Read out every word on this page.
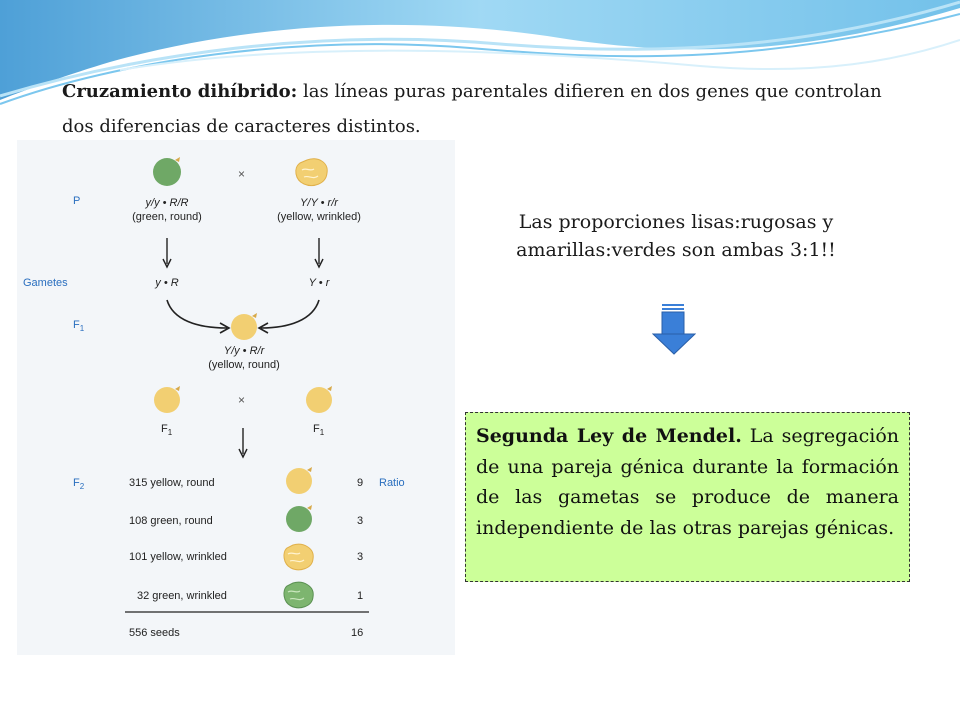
Cruzamiento dihíbrido: las líneas puras parentales difieren en dos genes que controlan dos diferencias de caracteres distintos.

P
Gametes
$F_1$
$F_2$	Ratio
×
y/y • R/R
(green, round)
Y/Y • r/r
(yellow, wrinkled)
y • R	Y • r
Y/y • R/r
(yellow, round)
×
$F_1$	$F_1$
315 yellow, round	9
108 green, round	3
101 yellow, wrinkled	3
32 green, wrinkled	1
556 seeds	16

Las proporciones lisas:rugosas y amarillas:verdes son ambas 3:1!!

Segunda Ley de Mendel. La segregación de una pareja génica durante la formación de las gametas se produce de manera independiente de las otras parejas génicas.
